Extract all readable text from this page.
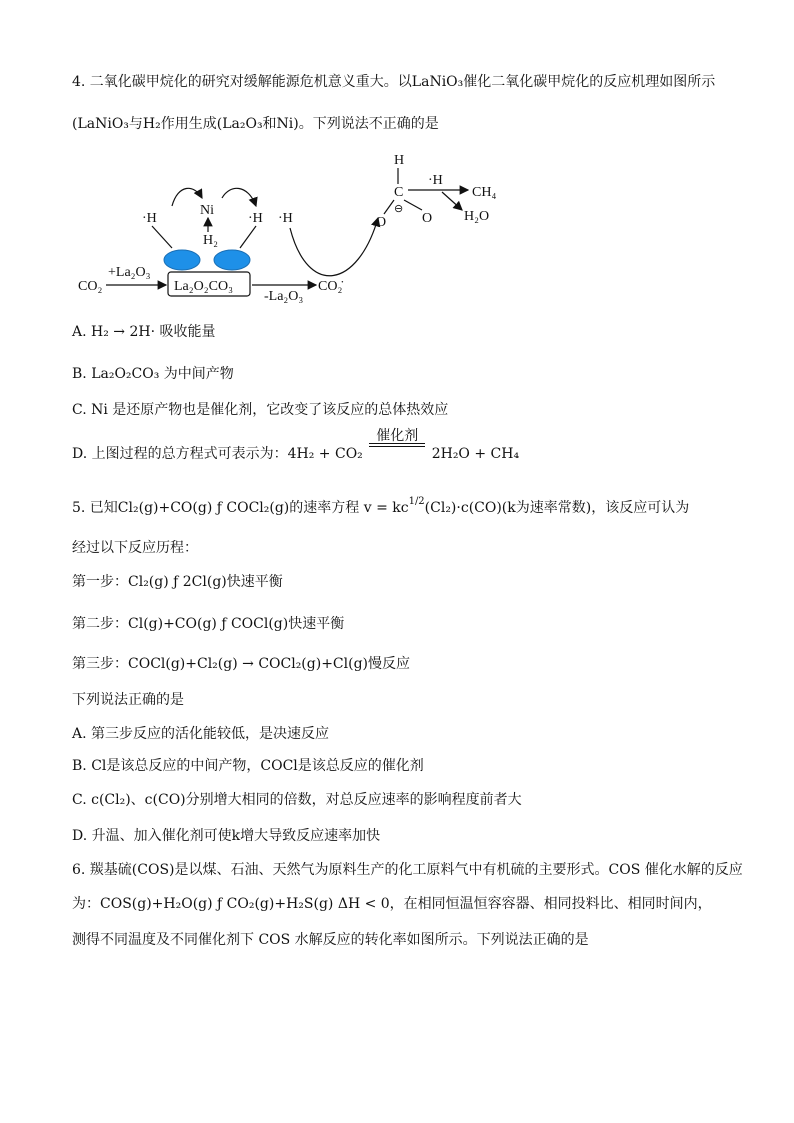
4. 二氧化碳甲烷化的研究对缓解能源危机意义重大。以LaNiO₃催化二氧化碳甲烷化的反应机理如图所示
(LaNiO₃与H₂作用生成(La₂O₃和Ni)。下列说法不正确的是
·H
Ni
·H
H₂
·H
CO₂
+La₂O₃
La₂O₂CO₃
-La₂O₃
CO₂̇
H
C
O
⊖
O
·H
CH₄
H₂O
A. H₂ → 2H· 吸收能量
B. La₂O₂CO₃ 为中间产物
C. Ni 是还原产物也是催化剂，它改变了该反应的总体热效应
D. 上图过程的总方程式可表示为：4H₂ + CO₂
催化剂
2H₂O + CH₄
5. 已知Cl₂(g)+CO(g) ƒ COCl₂(g)的速率方程 $v = kc^{1/2}(Cl_2)\cdot c(CO)(k$为速率常数)，该反应可认为
经过以下反应历程：
第一步：Cl₂(g) ƒ 2Cl(g)快速平衡
第二步：Cl(g)+CO(g) ƒ COCl(g)快速平衡
第三步：COCl(g)+Cl₂(g) → COCl₂(g)+Cl(g)慢反应
下列说法正确的是
A. 第三步反应的活化能较低，是决速反应
B. Cl是该总反应的中间产物，COCl是该总反应的催化剂
C. c(Cl₂)、c(CO)分别增大相同的倍数，对总反应速率的影响程度前者大
D. 升温、加入催化剂可使k增大导致反应速率加快
6. 羰基硫(COS)是以煤、石油、天然气为原料生产的化工原料气中有机硫的主要形式。COS 催化水解的反应
为：COS(g)+H₂O(g) ƒ CO₂(g)+H₂S(g) ΔH < 0，在相同恒温恒容容器、相同投料比、相同时间内，
测得不同温度及不同催化剂下 COS 水解反应的转化率如图所示。下列说法正确的是
